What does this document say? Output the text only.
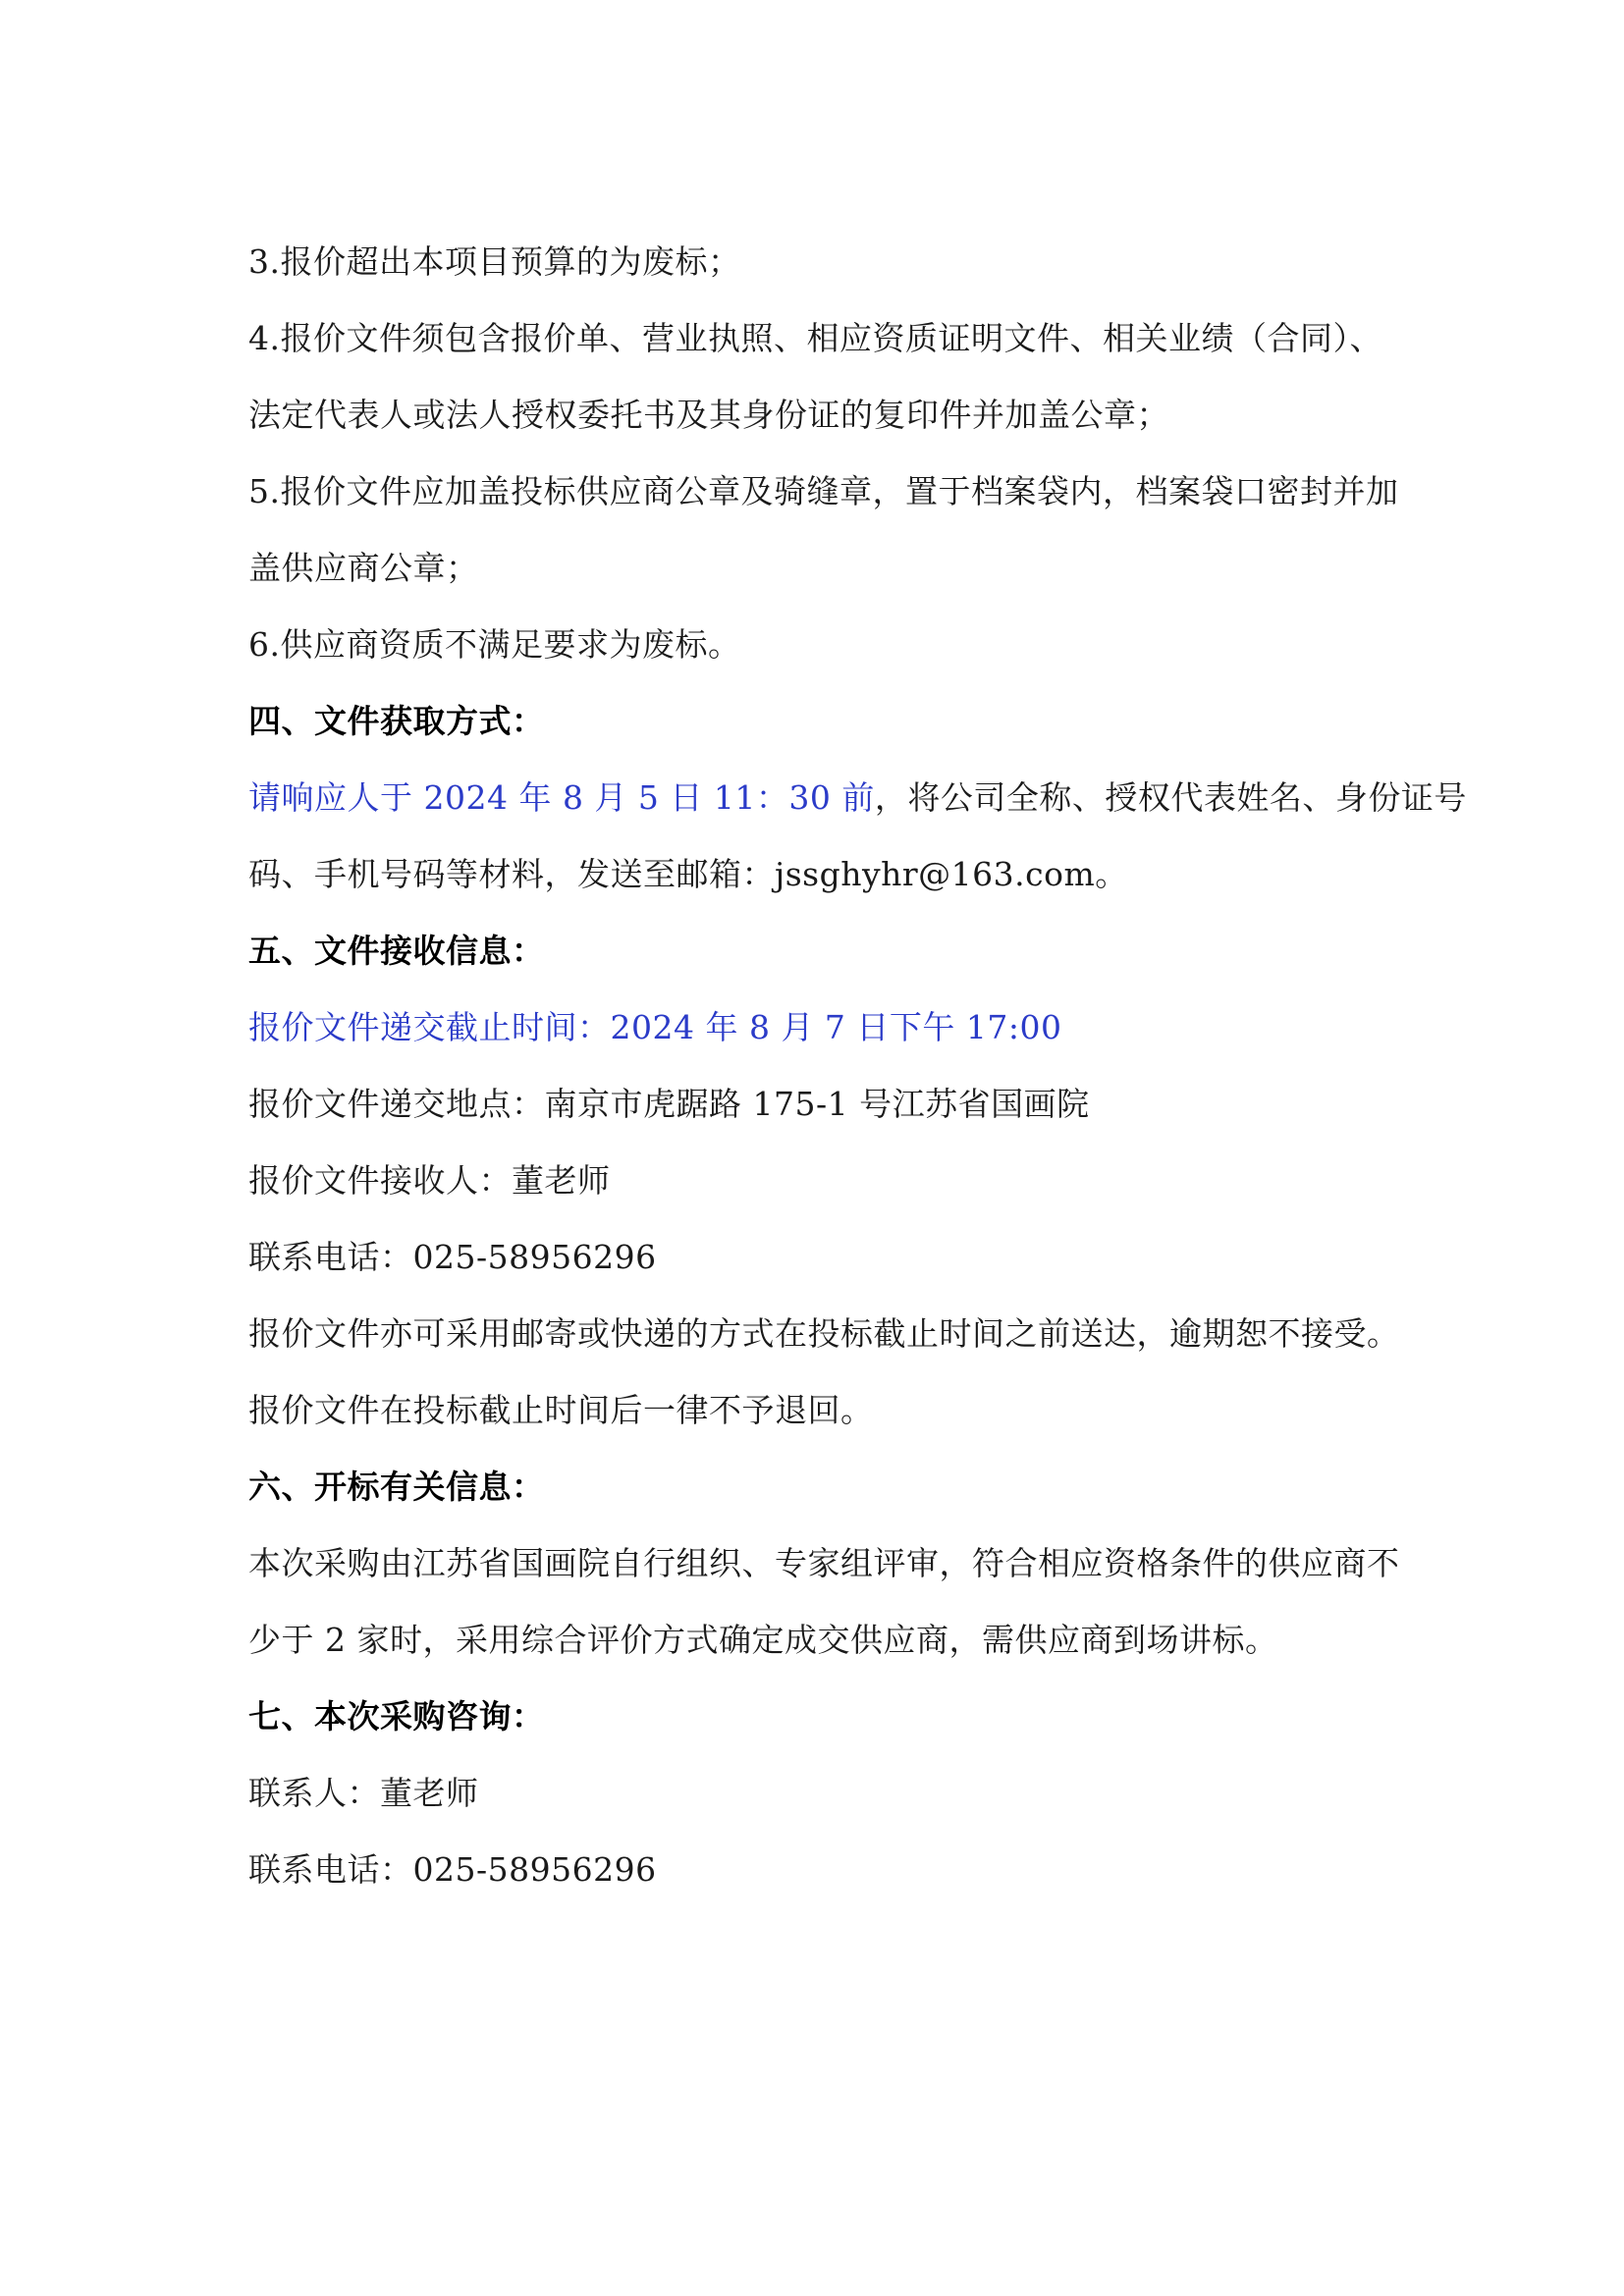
3.报价超出本项目预算的为废标；
4.报价文件须包含报价单、营业执照、相应资质证明文件、相关业绩（合同）、
法定代表人或法人授权委托书及其身份证的复印件并加盖公章；
5.报价文件应加盖投标供应商公章及骑缝章，置于档案袋内，档案袋口密封并加
盖供应商公章；
6.供应商资质不满足要求为废标。
四、文件获取方式：
请响应人于 2024 年 8 月 5 日 11：30 前，将公司全称、授权代表姓名、身份证号
码、手机号码等材料，发送至邮箱：jssghyhr@163.com。
五、文件接收信息：
报价文件递交截止时间：2024 年 8 月 7 日下午 17:00
报价文件递交地点：南京市虎踞路 175-1 号江苏省国画院
报价文件接收人：董老师
联系电话：025-58956296
报价文件亦可采用邮寄或快递的方式在投标截止时间之前送达，逾期恕不接受。
报价文件在投标截止时间后一律不予退回。
六、开标有关信息：
本次采购由江苏省国画院自行组织、专家组评审，符合相应资格条件的供应商不
少于 2 家时，采用综合评价方式确定成交供应商，需供应商到场讲标。
七、本次采购咨询：
联系人：董老师
联系电话：025-58956296
